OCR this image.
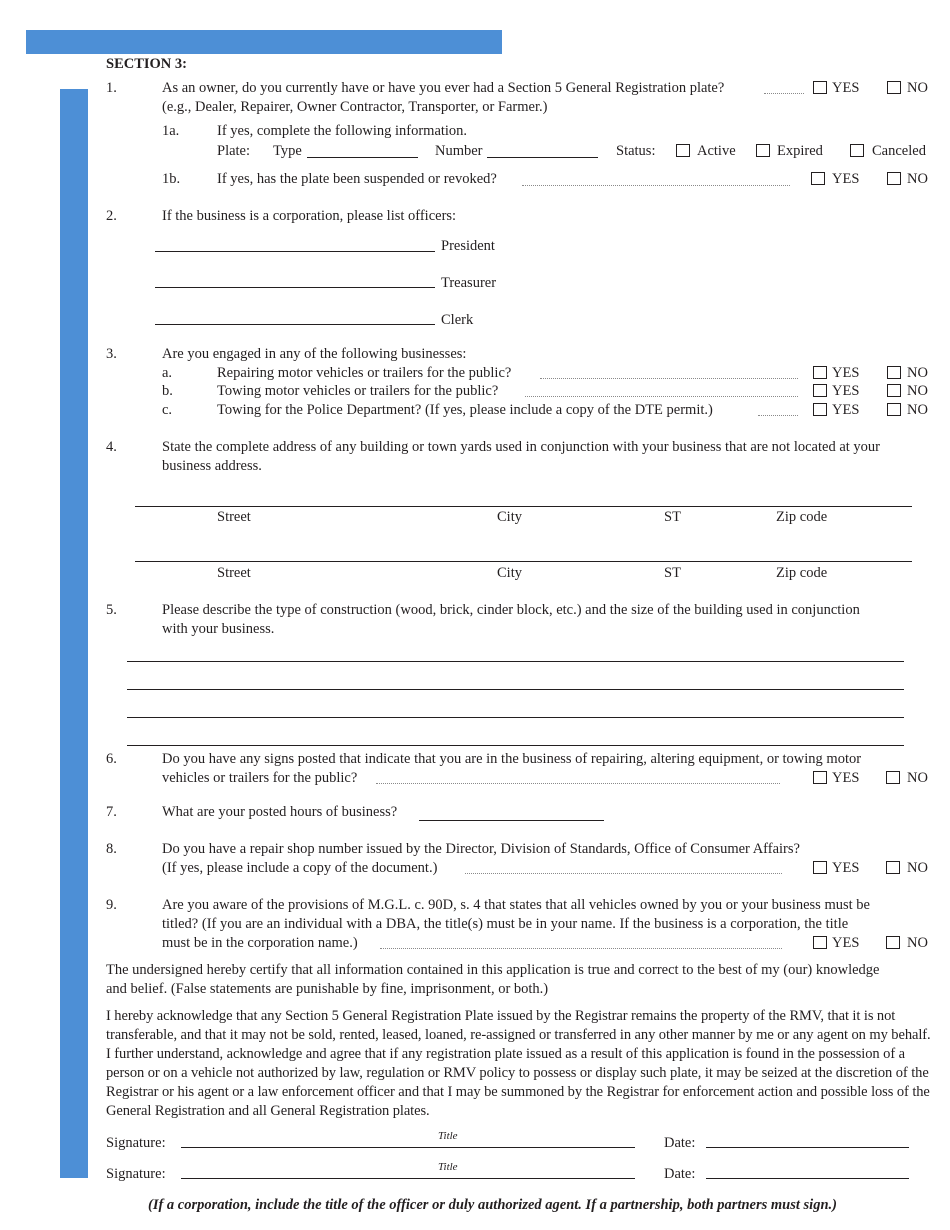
SECTION 3:
1.	As an owner, do you currently have or have you ever had a Section 5 General Registration plate?	YES	NO
(e.g., Dealer, Repairer, Owner Contractor, Transporter, or Farmer.)
1a.	If yes, complete the following information.
Plate: Type	Number	Status:	Active	Expired	Canceled
1b.	If yes, has the plate been suspended or revoked?	YES	NO
2.	If the business is a corporation, please list officers:
President
Treasurer
Clerk
3.	Are you engaged in any of the following businesses:
a.	Repairing motor vehicles or trailers for the public?	YES	NO
b.	Towing motor vehicles or trailers for the public?	YES	NO
c.	Towing for the Police Department? (If yes, please include a copy of the DTE permit.)	YES	NO
4.	State the complete address of any building or town yards used in conjunction with your business that are not located at your
business address.
Street	City	ST	Zip code
Street	City	ST	Zip code
5.	Please describe the type of construction (wood, brick, cinder block, etc.) and the size of the building used in conjunction
with your business.
6.	Do you have any signs posted that indicate that you are in the business of repairing, altering equipment, or towing motor
vehicles or trailers for the public?	YES	NO
7.	What are your posted hours of business?
8.	Do you have a repair shop number issued by the Director, Division of Standards, Office of Consumer Affairs?
(If yes, please include a copy of the document.)	YES	NO
9.	Are you aware of the provisions of M.G.L. c. 90D, s. 4 that states that all vehicles owned by you or your business must be
titled? (If you are an individual with a DBA, the title(s) must be in your name. If the business is a corporation, the title
must be in the corporation name.)	YES	NO
The undersigned hereby certify that all information contained in this application is true and correct to the best of my (our) knowledge and belief. (False statements are punishable by fine, imprisonment, or both.)
I hereby acknowledge that any Section 5 General Registration Plate issued by the Registrar remains the property of the RMV, that it is not transferable, and that it may not be sold, rented, leased, loaned, re-assigned or transferred in any other manner by me or any agent on my behalf. I further understand, acknowledge and agree that if any registration plate issued as a result of this application is found in the possession of a person or on a vehicle not authorized by law, regulation or RMV policy to possess or display such plate, it may be seized at the discretion of the Registrar or his agent or a law enforcement officer and that I may be summoned by the Registrar for enforcement action and possible loss of the General Registration and all General Registration plates.
Signature:	Title	Date:
Signature:	Title	Date:
(If a corporation, include the title of the officer or duly authorized agent. If a partnership, both partners must sign.)
